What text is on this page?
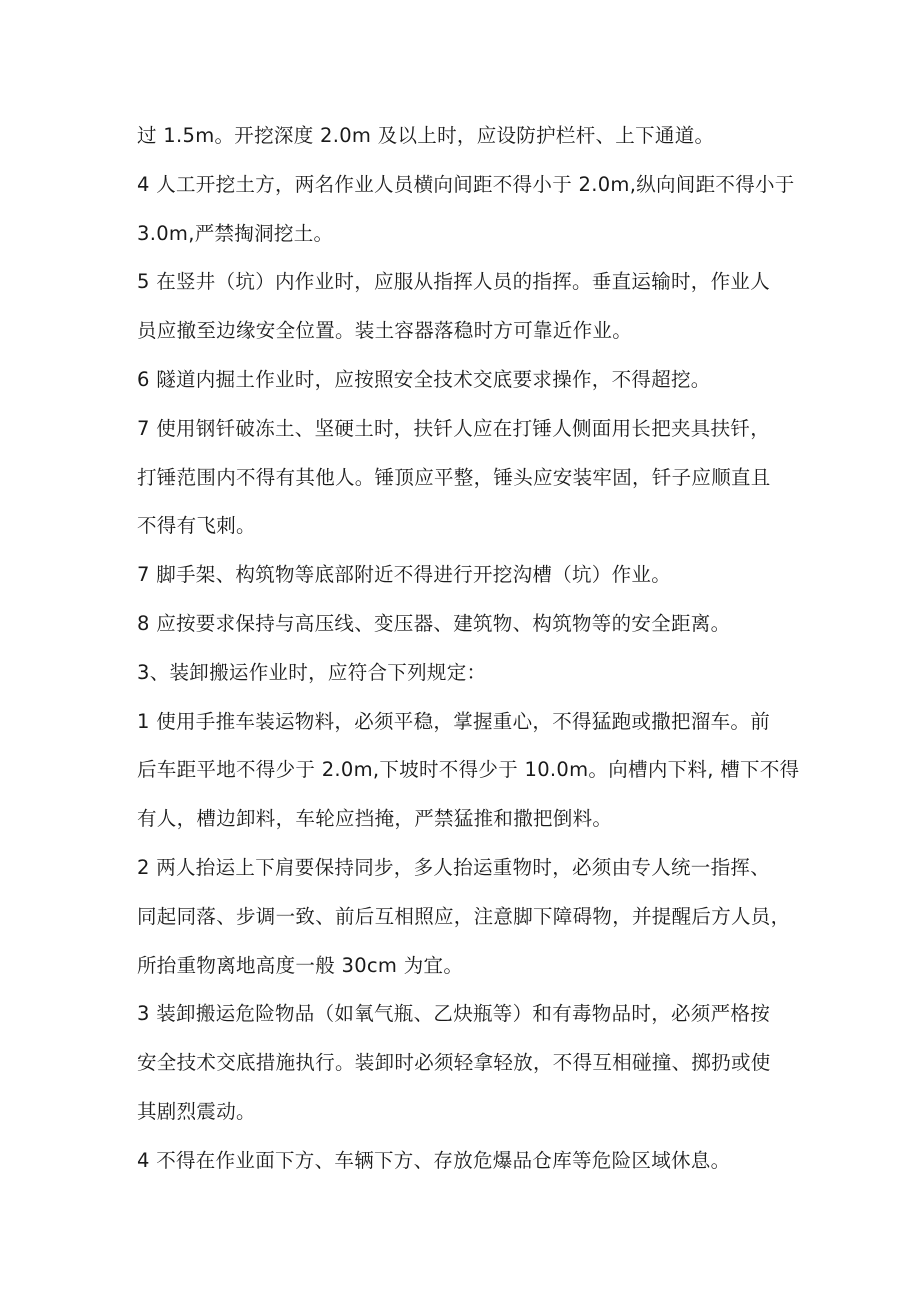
过 1.5m。开挖深度 2.0m 及以上时，应设防护栏杆、上下通道。
4 人工开挖土方，两名作业人员横向间距不得小于 2.0m,纵向间距不得小于
3.0m,严禁掏洞挖土。
5 在竖井（坑）内作业时，应服从指挥人员的指挥。垂直运输时，作业人
员应撤至边缘安全位置。装土容器落稳时方可靠近作业。
6 隧道内掘土作业时，应按照安全技术交底要求操作，不得超挖。
7 使用钢钎破冻土、坚硬土时，扶钎人应在打锤人侧面用长把夹具扶钎，
打锤范围内不得有其他人。锤顶应平整，锤头应安装牢固，钎子应顺直且
不得有飞刺。
7 脚手架、构筑物等底部附近不得进行开挖沟槽（坑）作业。
8 应按要求保持与高压线、变压器、建筑物、构筑物等的安全距离。
3、装卸搬运作业时，应符合下列规定：
1 使用手推车装运物料，必须平稳，掌握重心，不得猛跑或撒把溜车。前
后车距平地不得少于 2.0m,下坡时不得少于 10.0m。向槽内下料, 槽下不得
有人，槽边卸料，车轮应挡掩，严禁猛推和撒把倒料。
2 两人抬运上下肩要保持同步，多人抬运重物时，必须由专人统一指挥、
同起同落、步调一致、前后互相照应，注意脚下障碍物，并提醒后方人员，
所抬重物离地高度一般 30cm 为宜。
3 装卸搬运危险物品（如氧气瓶、乙炔瓶等）和有毒物品时，必须严格按
安全技术交底措施执行。装卸时必须轻拿轻放，不得互相碰撞、掷扔或使
其剧烈震动。
4 不得在作业面下方、车辆下方、存放危爆品仓库等危险区域休息。
